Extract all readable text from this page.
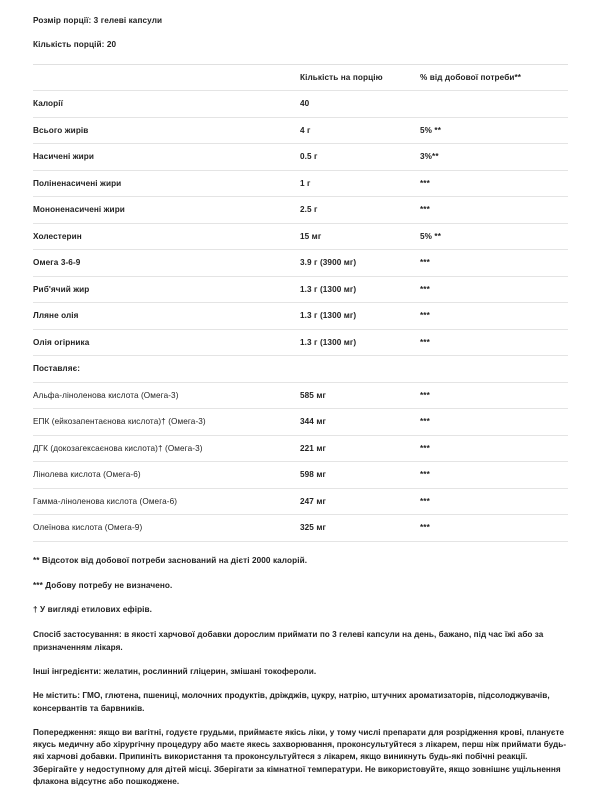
Розмір порції: 3 гелеві капсули

Кількість порцій: 20

	Кількість на порцію	% від добової потреби**
Калорії	40	
Всього жирів	4 г	5% **
Насичені жири	0.5 г	3%**
Поліненасичені жири	1 г	***
Мононенасичені жири	2.5 г	***
Холестерин	15 мг	5% **
Омега 3-6-9	3.9 г (3900 мг)	***
Риб'ячий жир	1.3 г (1300 мг)	***
Лляне олія	1.3 г (1300 мг)	***
Олія огірника	1.3 г (1300 мг)	***
Поставляє:		
Альфа-ліноленова кислота (Омега-3)	585 мг	***
ЕПК (ейкозапентаєнова кислота)† (Омега-3)	344 мг	***
ДГК (докозагексаєнова кислота)† (Омега-3)	221 мг	***
Лінолева кислота (Омега-6)	598 мг	***
Гамма-ліноленова кислота (Омега-6)	247 мг	***
Олеїнова кислота (Омега-9)	325 мг	***

** Відсоток від добової потреби заснований на дієті 2000 калорій.

*** Добову потребу не визначено.

† У вигляді етилових ефірів.

Спосіб застосування: в якості харчової добавки дорослим приймати по 3 гелеві капсули на день, бажано, під час їжі або за призначенням лікаря.

Інші інгредієнти: желатин, рослинний гліцерин, змішані токофероли.

Не містить: ГМО, глютена, пшениці, молочних продуктів, дріжджів, цукру, натрію, штучних ароматизаторів, підсолоджувачів, консервантів та барвників.

Попередження: якщо ви вагітні, годуєте грудьми, приймаєте якісь ліки, у тому числі препарати для розрідження крові, плануєте якусь медичну або хірургічну процедуру або маєте якесь захворювання, проконсультуйтеся з лікарем, перш ніж приймати будь-які харчові добавки. Припиніть використання та проконсультуйтеся з лікарем, якщо виникнуть будь-які побічні реакції. Зберігайте у недоступному для дітей місці. Зберігати за кімнатної температури. Не використовуйте, якщо зовнішнє ущільнення флакона відсутнє або пошкоджене.
